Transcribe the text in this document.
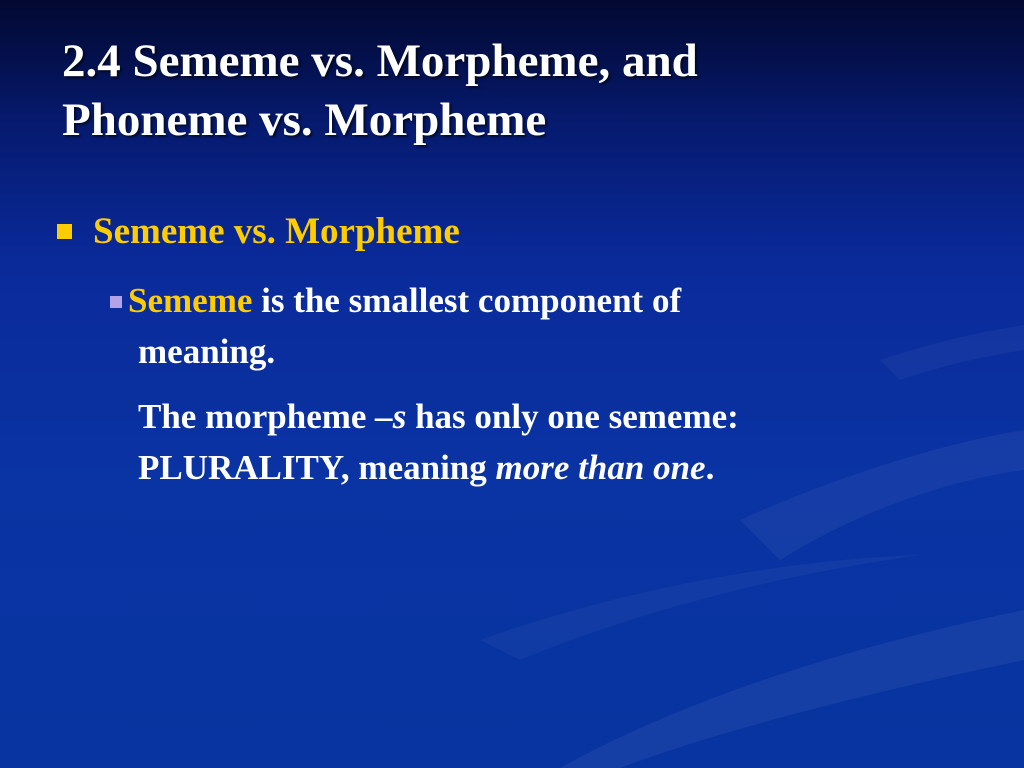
2.4 Sememe vs. Morpheme, and
Phoneme vs. Morpheme
Sememe vs. Morpheme
Sememe is the smallest component of
meaning.
The morpheme –s has only one sememe:
PLURALITY, meaning more than one.
